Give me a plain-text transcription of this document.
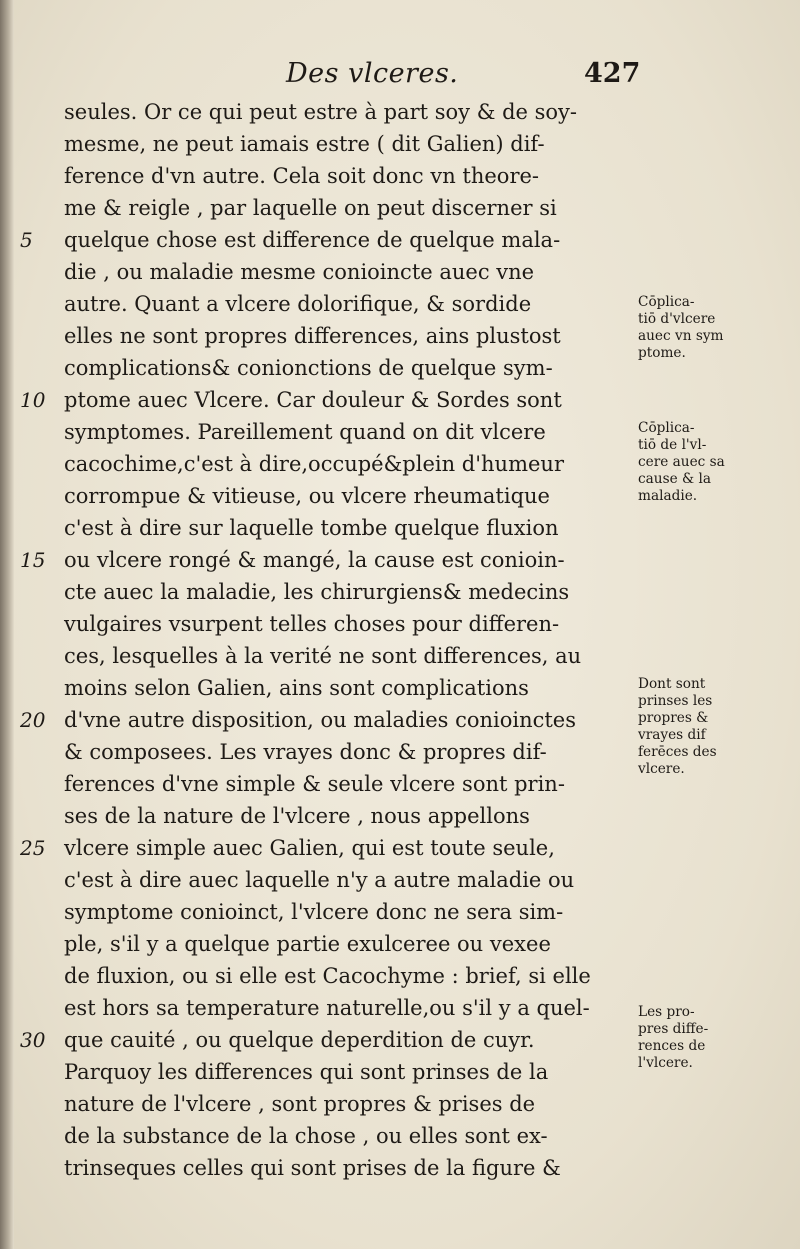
Des vlceres.	427
seules. Or ce qui peut estre à part soy & de soy-
mesme, ne peut iamais estre ( dit Galien) dif-
ference d'vn autre. Cela soit donc vn theore-
me & reigle , par laquelle on peut discerner si
quelque chose est difference de quelque mala-
die , ou maladie mesme conioincte auec vne
autre. Quant a vlcere dolorifique, & sordide
elles ne sont propres differences, ains plustost
complications& conionctions de quelque sym-
ptome auec Vlcere. Car douleur & Sordes sont
symptomes. Pareillement quand on dit vlcere
cacochime,c'est à dire,occupé&plein d'humeur
corrompue & vitieuse, ou vlcere rheumatique
c'est à dire sur laquelle tombe quelque fluxion
ou vlcere rongé & mangé, la cause est conioin-
cte auec la maladie, les chirurgiens& medecins
vulgaires vsurpent telles choses pour differen-
ces, lesquelles à la verité ne sont differences, au
moins selon Galien, ains sont complications
d'vne autre disposition, ou maladies conioinctes
& composees. Les vrayes donc & propres dif-
ferences d'vne simple & seule vlcere sont prin-
ses de la nature de l'vlcere , nous appellons
vlcere simple auec Galien, qui est toute seule,
c'est à dire auec laquelle n'y a autre maladie ou
symptome conioinct, l'vlcere donc ne sera sim-
ple, s'il y a quelque partie exulceree ou vexee
de fluxion, ou si elle est Cacochyme : brief, si elle
est hors sa temperature naturelle,ou s'il y a quel-
que cauité , ou quelque deperdition de cuyr.
Parquoy les differences qui sont prinses de la
nature de l'vlcere , sont propres & prises de
de la substance de la chose , ou elles sont ex-
trinseques celles qui sont prises de la figure &
5
10
15
20
25
30
Cōplica-
tiō d'vlcere
auec vn sym
ptome.
Cōplica-
tiō de l'vl-
cere auec sa
cause & la
maladie.
Dont sont
prinses les
propres &
vrayes dif
ferēces des
vlcere.
Les pro-
pres diffe-
rences de
l'vlcere.
